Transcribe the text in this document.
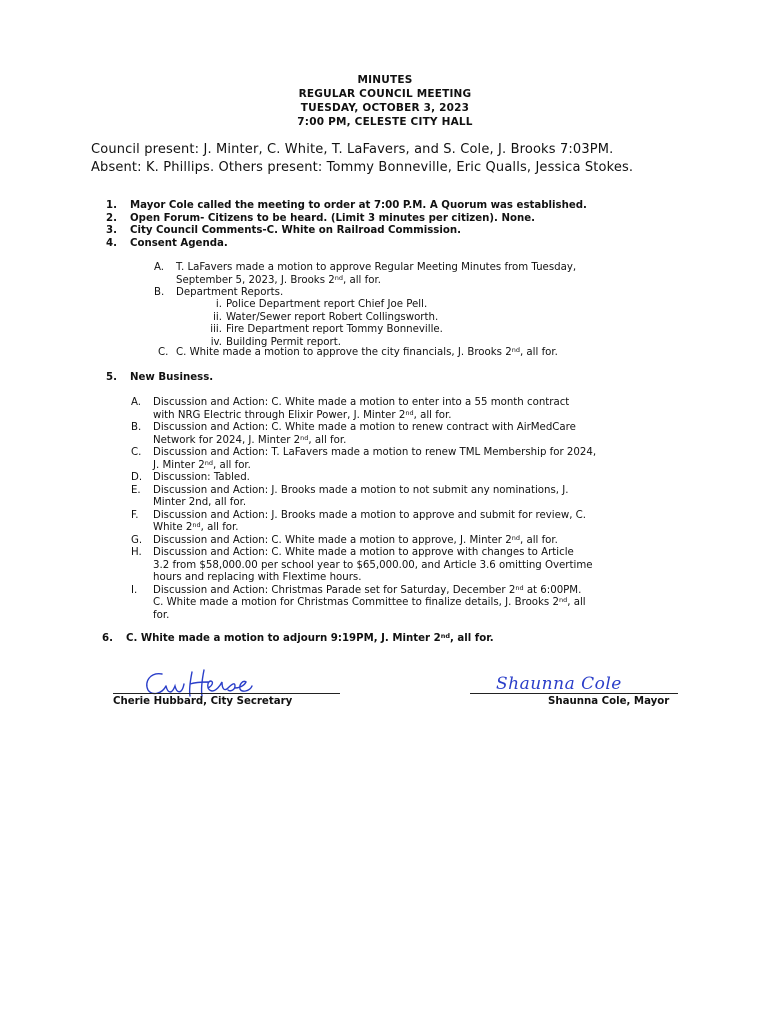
MINUTES
REGULAR COUNCIL MEETING
TUESDAY, OCTOBER 3, 2023
7:00 PM, CELESTE CITY HALL
Council present: J. Minter, C. White, T. LaFavers, and S. Cole, J. Brooks 7:03PM.
Absent: K. Phillips. Others present: Tommy Bonneville, Eric Qualls, Jessica Stokes.
1. Mayor Cole called the meeting to order at 7:00 P.M. A Quorum was established.
2. Open Forum- Citizens to be heard. (Limit 3 minutes per citizen). None.
3. City Council Comments-C. White on Railroad Commission.
4. Consent Agenda.
A. T. LaFavers made a motion to approve Regular Meeting Minutes from Tuesday,
September 5, 2023, J. Brooks 2nd, all for.
B. Department Reports.
i. Police Department report Chief Joe Pell.
ii. Water/Sewer report Robert Collingsworth.
iii. Fire Department report Tommy Bonneville.
iv. Building Permit report.
C. C. White made a motion to approve the city financials, J. Brooks 2nd, all for.
5. New Business.
A. Discussion and Action: C. White made a motion to enter into a 55 month contract
with NRG Electric through Elixir Power, J. Minter 2nd, all for.
B. Discussion and Action: C. White made a motion to renew contract with AirMedCare
Network for 2024, J. Minter 2nd, all for.
C. Discussion and Action: T. LaFavers made a motion to renew TML Membership for 2024,
J. Minter 2nd, all for.
D. Discussion: Tabled.
E. Discussion and Action: J. Brooks made a motion to not submit any nominations, J.
Minter 2nd, all for.
F. Discussion and Action: J. Brooks made a motion to approve and submit for review, C.
White 2nd, all for.
G. Discussion and Action: C. White made a motion to approve, J. Minter 2nd, all for.
H. Discussion and Action: C. White made a motion to approve with changes to Article
3.2 from $58,000.00 per school year to $65,000.00, and Article 3.6 omitting Overtime
hours and replacing with Flextime hours.
I. Discussion and Action: Christmas Parade set for Saturday, December 2nd at 6:00PM.
C. White made a motion for Christmas Committee to finalize details, J. Brooks 2nd, all
for.
6. C. White made a motion to adjourn 9:19PM, J. Minter 2nd, all for.
Cherie Hubbard, City Secretary
Shaunna Cole
Shaunna Cole, Mayor
